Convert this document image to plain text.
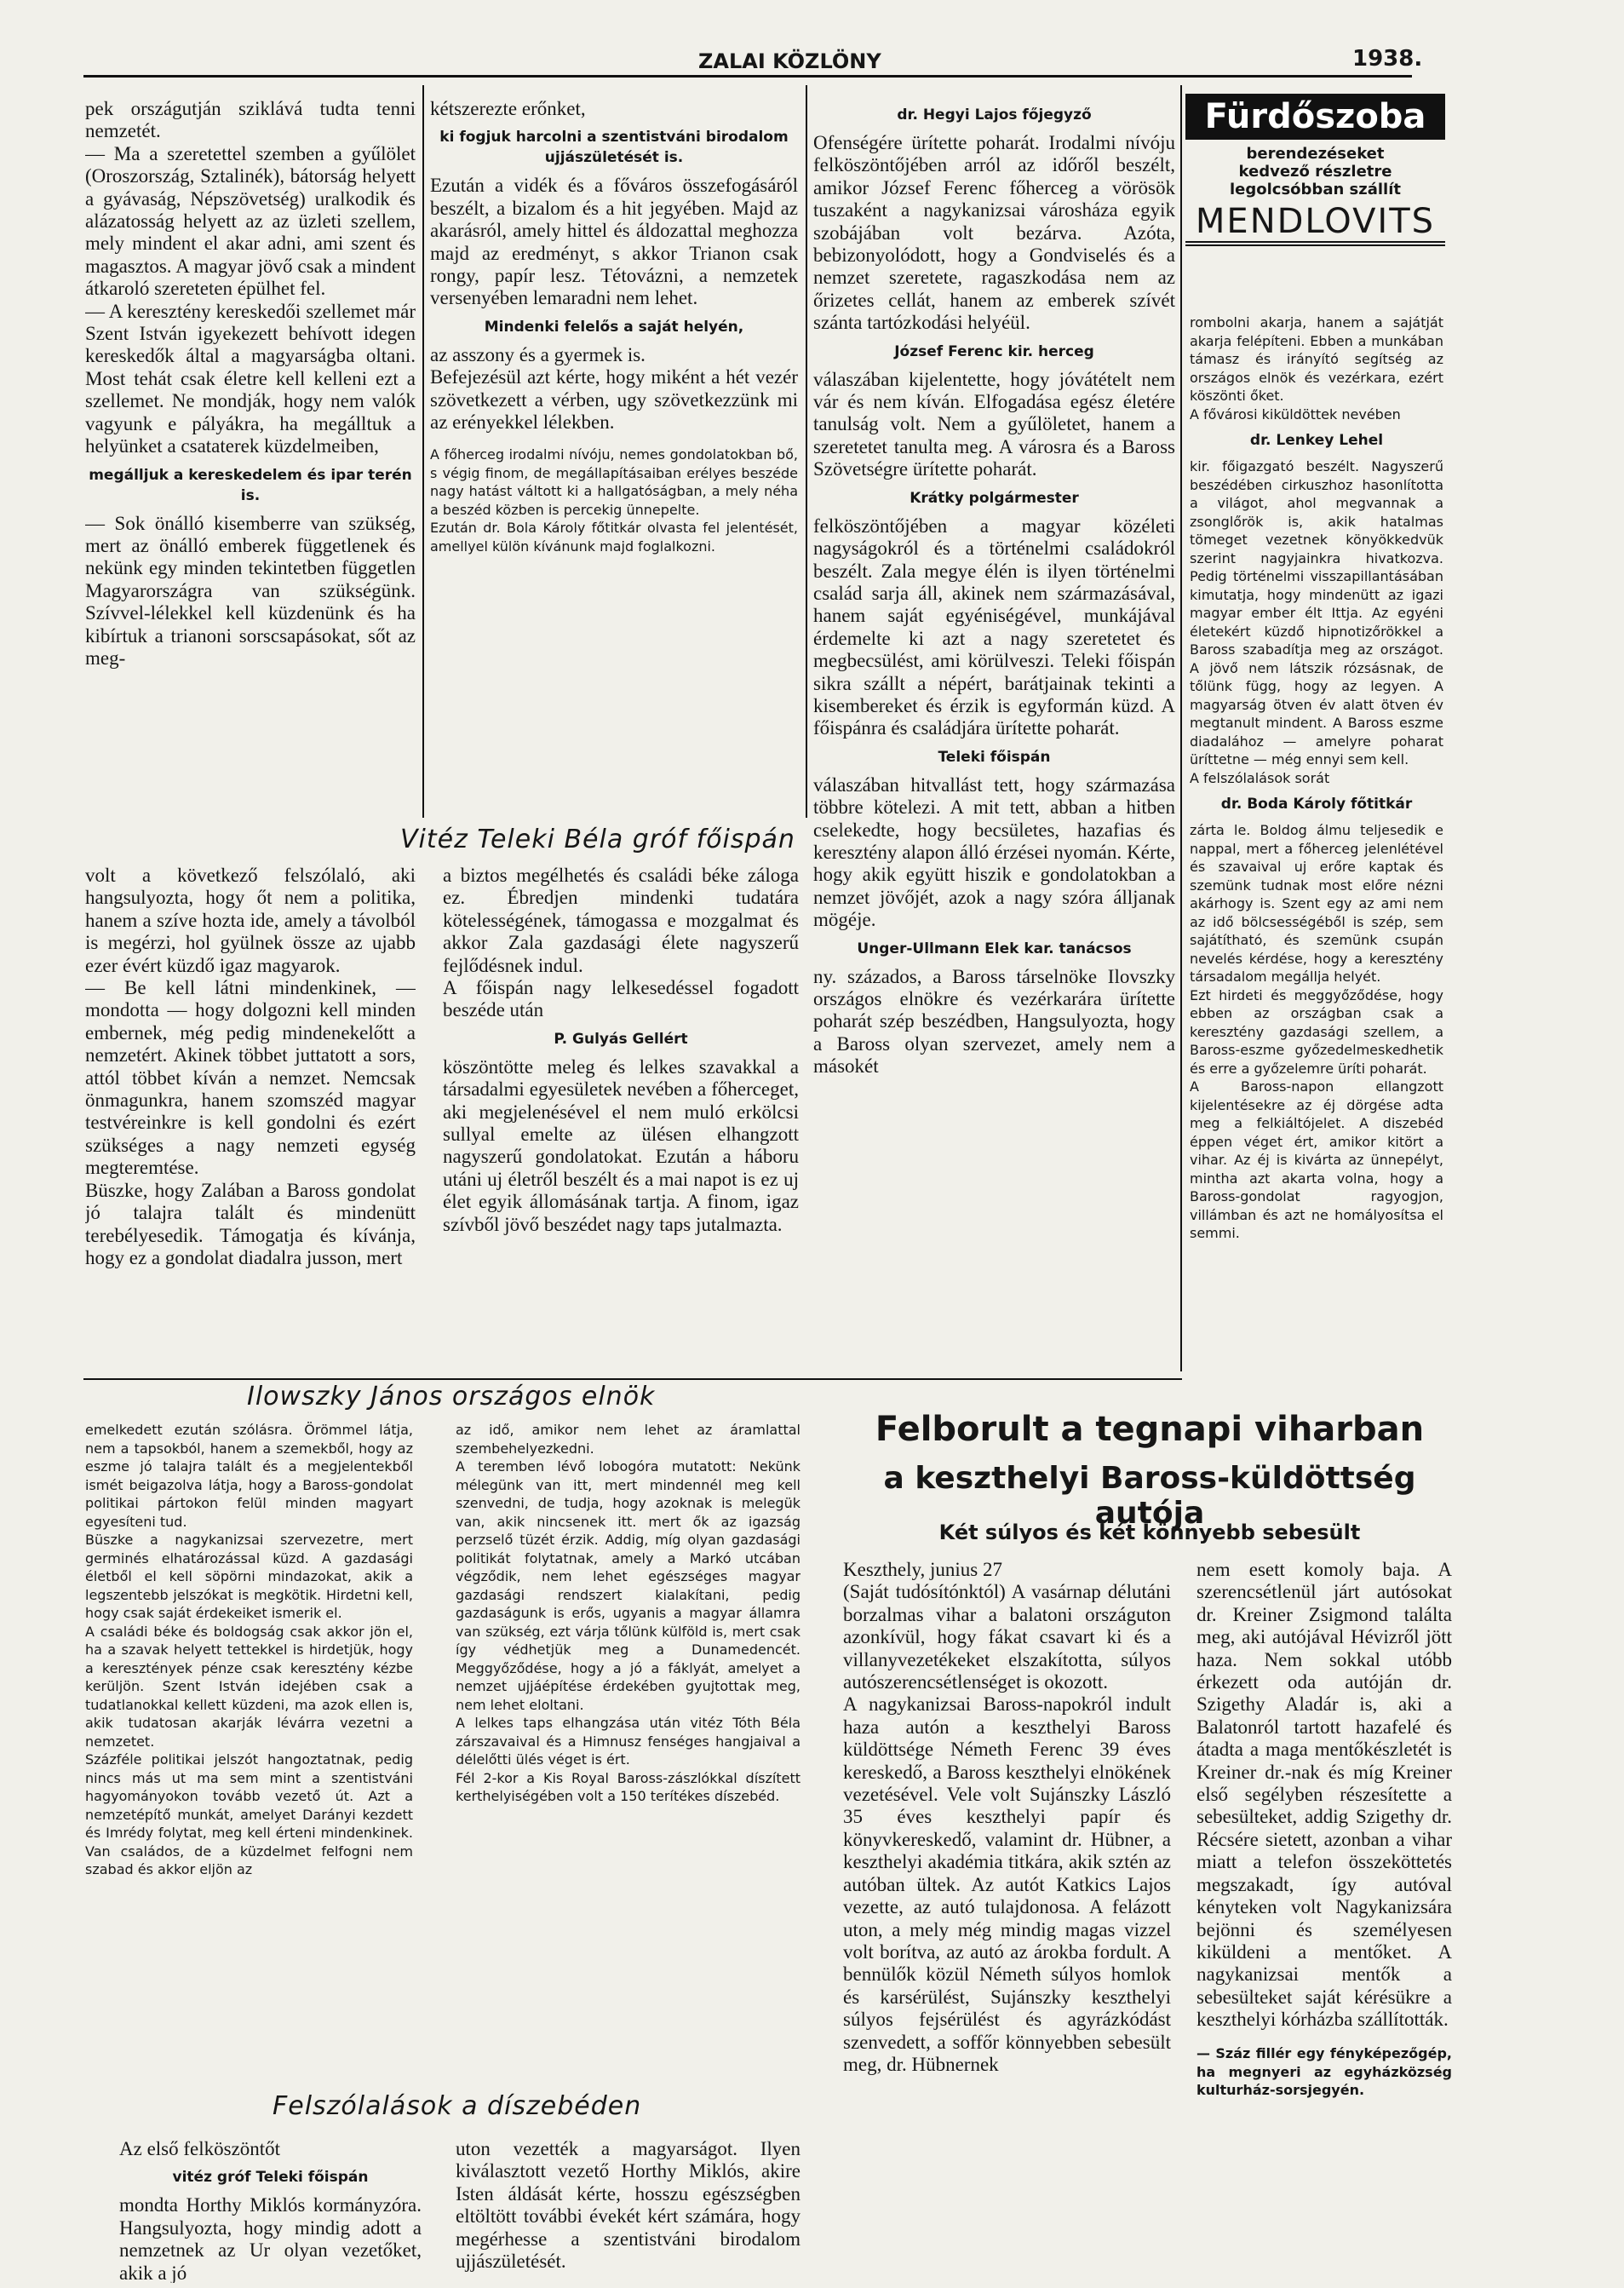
ZALAI KÖZLÖNY	1938.

pek országutján sziklává tudta tenni nemzetét.

— Ma a szeretettel szemben a gyűlölet (Oroszország, Sztalinék), bátorság helyett a gyávaság, Népszövetség) uralkodik és alázatosság helyett az az üzleti szellem, mely mindent el akar adni, ami szent és magasztos. A magyar jövő csak a mindent átkaroló szereteten épülhet fel.

— A keresztény kereskedői szellemet már Szent István igyekezett behívott idegen kereskedők által a magyarságba oltani. Most tehát csak életre kell kelleni ezt a szellemet. Ne mondják, hogy nem valók vagyunk e pályákra, ha megálltuk a helyünket a csataterek küzdelmeiben,

megálljuk a kereskedelem és ipar terén is.

— Sok önálló kisemberre van szükség, mert az önálló emberek függetlenek és nekünk egy minden tekintetben független Magyarországra van szükségünk. Szívvel-lélekkel kell küzdenünk és ha kibírtuk a trianoni sorscsapásokat, sőt az meg-

kétszerezte erőnket,

ki fogjuk harcolni a szentistváni birodalom ujjászületését is.

Ezután a vidék és a főváros összefogásáról beszélt, a bizalom és a hit jegyében. Majd az akarásról, amely hittel és áldozattal meghozza majd az eredményt, s akkor Trianon csak rongy, papír lesz. Tétovázni, a nemzetek versenyében lemaradni nem lehet.

Mindenki felelős a saját helyén,

az asszony és a gyermek is.

Befejezésül azt kérte, hogy miként a hét vezér szövetkezett a vérben, ugy szövetkezzünk mi az erényekkel lélekben.

A főherceg irodalmi nívóju, nemes gondolatokban bő, s végig finom, de megállapításaiban erélyes beszéde nagy hatást váltott ki a hallgatóságban, a mely néha a beszéd közben is percekig ünnepelte.

Ezután dr. Bola Károly főtitkár olvasta fel jelentését, amellyel külön kívánunk majd foglalkozni.

dr. Hegyi Lajos főjegyző

Ofenségére ürítette poharát. Irodalmi nívóju felköszöntőjében arról az időről beszélt, amikor József Ferenc főherceg a vörösök tuszaként a nagykanizsai városháza egyik szobájában volt bezárva. Azóta, bebizonyolódott, hogy a Gondviselés és a nemzet szeretete, ragaszkodása nem az őrizetes cellát, hanem az emberek szívét szánta tartózkodási helyéül.

József Ferenc kir. herceg

válaszában kijelentette, hogy jóvátételt nem vár és nem kíván. Elfogadása egész életére tanulság volt. Nem a gyűlöletet, hanem a szeretetet tanulta meg. A városra és a Baross Szövetségre ürítette poharát.

Krátky polgármester

felköszöntőjében a magyar közéleti nagyságokról és a történelmi családokról beszélt. Zala megye élén is ilyen történelmi család sarja áll, akinek nem származásával, hanem saját egyéniségével, munkájával érdemelte ki azt a nagy szeretetet és megbecsülést, ami körülveszi. Teleki főispán sikra szállt a népért, barátjainak tekinti a kisembereket és érzik is egyformán küzd. A főispánra és családjára ürítette poharát.

Teleki főispán

válaszában hitvallást tett, hogy származása többre kötelezi. A mit tett, abban a hitben cselekedte, hogy becsületes, hazafias és keresztény alapon álló érzései nyomán. Kérte, hogy akik együtt hiszik e gondolatokban a nemzet jövőjét, azok a nagy szóra álljanak mögéje.

Unger-Ullmann Elek kar. tanácsos

ny. százados, a Baross társelnöke Ilovszky országos elnökre és vezérkarára ürítette poharát szép beszédben, Hangsulyozta, hogy a Baross olyan szervezet, amely nem a másokét

Fürdőszoba
berendezéseket
kedvező részletre
legolcsóbban szállít
MENDLOVITS

rombolni akarja, hanem a sajátját akarja felépíteni. Ebben a munkában támasz és irányító segítség az országos elnök és vezérkara, ezért köszönti őket.

A fővárosi kiküldöttek nevében

dr. Lenkey Lehel

kir. főigazgató beszélt. Nagyszerű beszédében cirkuszhoz hasonlította a világot, ahol megvannak a zsonglőrök is, akik hatalmas tömeget vezetnek könyökkedvük szerint nagyjainkra hivatkozva. Pedig történelmi visszapillantásában kimutatja, hogy mindenütt az igazi magyar ember élt Ittja. Az egyéni életekért küzdő hipnotizőrökkel a Baross szabadítja meg az országot. A jövő nem látszik rózsásnak, de tőlünk függ, hogy az legyen. A magyarság ötven év alatt ötven év megtanult mindent. A Baross eszme diadalához — amelyre poharat üríttetne — még ennyi sem kell.

A felszólalások sorát

dr. Boda Károly főtitkár

zárta le. Boldog álmu teljesedik e nappal, mert a főherceg jelenlétével és szavaival uj erőre kaptak és szemünk tudnak most előre nézni akárhogy is. Szent egy az ami nem az idő bölcsességéből is szép, sem sajátítható, és szemünk csupán nevelés kérdése, hogy a keresztény társadalom megállja helyét.

Ezt hirdeti és meggyőződése, hogy ebben az országban csak a keresztény gazdasági szellem, a Baross-eszme győzedelmeskedhetik és erre a győzelemre üríti poharát.

A Baross-napon ellangzott kijelentésekre az éj dörgése adta meg a felkiáltójelet. A diszebéd éppen véget ért, amikor kitört a vihar. Az éj is kivárta az ünnepélyt, mintha azt akarta volna, hogy a Baross-gondolat ragyogjon, villámban és azt ne homályosítsa el semmi.

Vitéz Teleki Béla gróf főispán

volt a következő felszólaló, aki hangsulyozta, hogy őt nem a politika, hanem a szíve hozta ide, amely a távolból is megérzi, hol gyülnek össze az ujabb ezer évért küzdő igaz magyarok.

— Be kell látni mindenkinek, — mondotta — hogy dolgozni kell minden embernek, még pedig mindenekelőtt a nemzetért. Akinek többet juttatott a sors, attól többet kíván a nemzet. Nemcsak önmagunkra, hanem szomszéd magyar testvéreinkre is kell gondolni és ezért szükséges a nagy nemzeti egység megteremtése.

Büszke, hogy Zalában a Baross gondolat jó talajra talált és mindenütt terebélyesedik. Támogatja és kívánja, hogy ez a gondolat diadalra jusson, mert

a biztos megélhetés és családi béke záloga ez. Ébredjen mindenki tudatára kötelességének, támogassa e mozgalmat és akkor Zala gazdasági élete nagyszerű fejlődésnek indul.

A főispán nagy lelkesedéssel fogadott beszéde után

P. Gulyás Gellért

köszöntötte meleg és lelkes szavakkal a társadalmi egyesületek nevében a főherceget, aki megjelenésével el nem muló erkölcsi sullyal emelte az ülésen elhangzott nagyszerű gondolatokat. Ezután a háboru utáni uj életről beszélt és a mai napot is ez uj élet egyik állomásának tartja. A finom, igaz szívből jövő beszédet nagy taps jutalmazta.

Ilowszky János országos elnök

emelkedett ezután szólásra. Örömmel látja, nem a tapsokból, hanem a szemekből, hogy az eszme jó talajra talált és a megjelentekből ismét beigazolva látja, hogy a Baross-gondolat politikai pártokon felül minden magyart egyesíteni tud.

Büszke a nagykanizsai szervezetre, mert germinés elhatározással küzd. A gazdasági életből el kell söpörni mindazokat, akik a legszentebb jelszókat is megkötik. Hirdetni kell, hogy csak saját érdekeiket ismerik el.

A családi béke és boldogság csak akkor jön el, ha a szavak helyett tettekkel is hirdetjük, hogy a keresztények pénze csak keresztény kézbe kerüljön. Szent István idejében csak a tudatlanokkal kellett küzdeni, ma azok ellen is, akik tudatosan akarják lévárra vezetni a nemzetet.

Százféle politikai jelszót hangoztatnak, pedig nincs más ut ma sem mint a szentistváni hagyományokon tovább vezető út. Azt a nemzetépítő munkát, amelyet Darányi kezdett és Imrédy folytat, meg kell érteni mindenkinek. Van családos, de a küzdelmet felfogni nem szabad és akkor eljön az

az idő, amikor nem lehet az áramlattal szembehelyezkedni.

A teremben lévő lobogóra mutatott: Nekünk mélegünk van itt, mert mindennél meg kell szenvedni, de tudja, hogy azoknak is melegük van, akik nincsenek itt. mert ők az igazság perzselő tüzét érzik. Addig, míg olyan gazdasági politikát folytatnak, amely a Markó utcában végződik, nem lehet egészséges magyar gazdasági rendszert kialakítani, pedig gazdaságunk is erős, ugyanis a magyar államra van szükség, ezt várja tőlünk külföld is, mert csak így védhetjük meg a Dunamedencét. Meggyőződése, hogy a jó a fáklyát, amelyet a nemzet ujjáépítése érdekében gyujtottak meg, nem lehet eloltani.

A lelkes taps elhangzása után vitéz Tóth Béla zárszavaival és a Himnusz fenséges hangjaival a délelőtti ülés véget is ért.

Fél 2-kor a Kis Royal Baross-zászlókkal díszített kerthelyiségében volt a 150 terítékes díszebéd.

Felszólalások a díszebéden

Az első felköszöntőt

vitéz gróf Teleki főispán

mondta Horthy Miklós kormányzóra. Hangsulyozta, hogy mindig adott a nemzetnek az Ur olyan vezetőket, akik a jó

uton vezették a magyarságot. Ilyen kiválasztott vezető Horthy Miklós, akire Isten áldását kérte, hosszu egészségben eltöltött további évekét kért számára, hogy megérhesse a szentistváni birodalom ujjászületését.

Felborult a tegnapi viharban
a keszthelyi Baross-küldöttség autója
Két súlyos és két könnyebb sebesült

Keszthely, junius 27

(Saját tudósítónktól) A vasárnap délutáni borzalmas vihar a balatoni országuton azonkívül, hogy fákat csavart ki és a villanyvezetékeket elszakította, súlyos autószerencsétlenséget is okozott.

A nagykanizsai Baross-napokról indult haza autón a keszthelyi Baross küldöttsége Németh Ferenc 39 éves kereskedő, a Baross keszthelyi elnökének vezetésével. Vele volt Sujánszky László 35 éves keszthelyi papír és könyvkereskedő, valamint dr. Hübner, a keszthelyi akadémia titkára, akik sztén az autóban ültek. Az autót Katkics Lajos vezette, az autó tulajdonosa. A felázott uton, a mely még mindig magas vizzel volt borítva, az autó az árokba fordult. A bennülők közül Németh súlyos homlok és karsérülést, Sujánszky keszthelyi súlyos fejsérülést és agyrázkódást szenvedett, a soffőr könnyebben sebesült meg, dr. Hübnernek

nem esett komoly baja. A szerencsétlenül járt autósokat dr. Kreiner Zsigmond találta meg, aki autójával Hévizről jött haza. Nem sokkal utóbb érkezett oda autóján dr. Szigethy Aladár is, aki a Balatonról tartott hazafelé és átadta a maga mentőkészletét is Kreiner dr.-nak és míg Kreiner első segélyben részesítette a sebesülteket, addig Szigethy dr. Récsére sietett, azonban a vihar miatt a telefon összeköttetés megszakadt, így autóval kényteken volt Nagykanizsára bejönni és személyesen kiküldeni a mentőket. A nagykanizsai mentők a sebesülteket saját kérésükre a keszthelyi kórházba szállították.

— Száz fillér egy fényképezőgép, ha megnyeri az egyházközség kulturház-sorsjegyén.
